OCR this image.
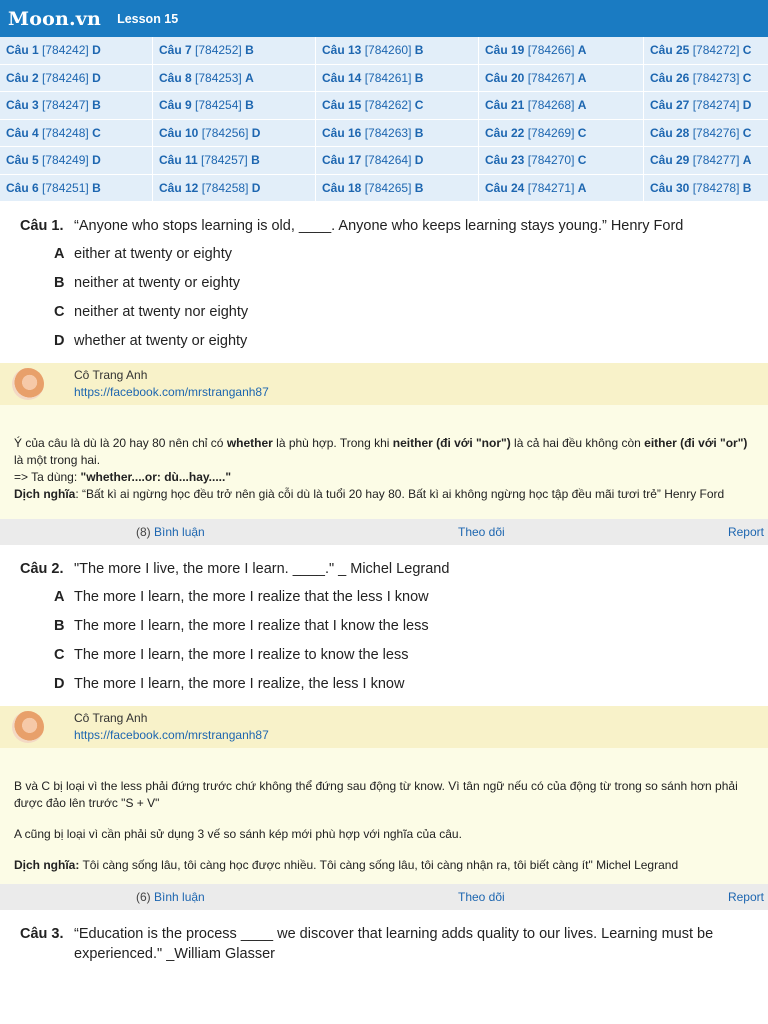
Moon.vn Lesson 15
Câu 1 [784242] D	Câu 7 [784252] B	Câu 13 [784260] B	Câu 19 [784266] A	Câu 25 [784272] C
Câu 2 [784246] D	Câu 8 [784253] A	Câu 14 [784261] B	Câu 20 [784267] A	Câu 26 [784273] C
Câu 3 [784247] B	Câu 9 [784254] B	Câu 15 [784262] C	Câu 21 [784268] A	Câu 27 [784274] D
Câu 4 [784248] C	Câu 10 [784256] D	Câu 16 [784263] B	Câu 22 [784269] C	Câu 28 [784276] C
Câu 5 [784249] D	Câu 11 [784257] B	Câu 17 [784264] D	Câu 23 [784270] C	Câu 29 [784277] A
Câu 6 [784251] B	Câu 12 [784258] D	Câu 18 [784265] B	Câu 24 [784271] A	Câu 30 [784278] B
Câu 1. “Anyone who stops learning is old, ____. Anyone who keeps learning stays young.” Henry Ford
A either at twenty or eighty
B neither at twenty or eighty
C neither at twenty nor eighty
D whether at twenty or eighty
Cô Trang Anh
https://facebook.com/mrstranganh87
Ý của câu là dù là 20 hay 80 nên chỉ có whether là phù hợp. Trong khi neither (đi với "nor") là cả hai đều không còn either (đi với "or") là một trong hai.
=> Ta dùng: "whether....or: dù...hay....."
Dịch nghĩa: “Bất kì ai ngừng học đều trở nên già cỗi dù là tuổi 20 hay 80. Bất kì ai không ngừng học tập đều mãi tươi trẻ” Henry Ford
(8) Bình luận	Theo dõi	Report
Câu 2. "The more I live, the more I learn. ____." _ Michel Legrand
A The more I learn, the more I realize that the less I know
B The more I learn, the more I realize that I know the less
C The more I learn, the more I realize to know the less
D The more I learn, the more I realize, the less I know
Cô Trang Anh
https://facebook.com/mrstranganh87

B và C bị loại vì the less phải đứng trước chứ không thể đứng sau động từ know. Vì tân ngữ nếu có của động từ trong so sánh hơn phải được đảo lên trước "S + V"

A cũng bị loại vì cần phải sử dụng 3 vế so sánh kép mới phù hợp với nghĩa của câu.

Dịch nghĩa: Tôi càng sống lâu, tôi càng học được nhiều. Tôi càng sống lâu, tôi càng nhận ra, tôi biết càng ít" Michel Legrand

(6) Bình luận	Theo dõi	Report
Câu 3. “Education is the process ____ we discover that learning adds quality to our lives. Learning must be experienced." _William Glasser
